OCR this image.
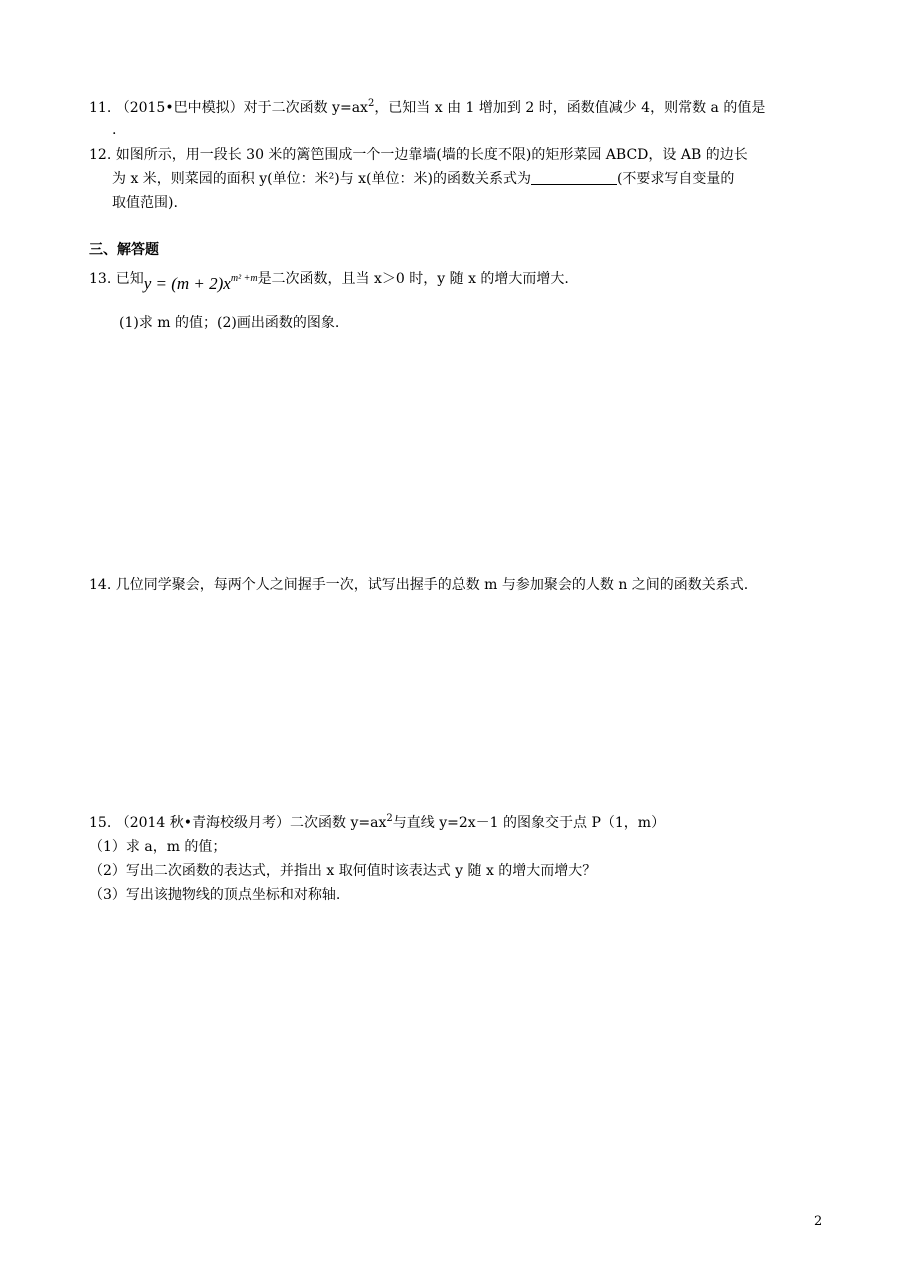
11. （2015•巴中模拟）对于二次函数 $y=ax^2$，已知当 x 由 1 增加到 2 时，函数值减少 4，则常数 a 的值是
.
12. 如图所示，用一段长 30 米的篱笆围成一个一边靠墙(墙的长度不限)的矩形菜园 ABCD，设 AB 的边长
为 x 米，则菜园的面积 y(单位：米²)与 x(单位：米)的函数关系式为	(不要求写自变量的
取值范围).
三、解答题
13. 已知$y = (m + 2)x^{m^2 +m}$是二次函数，且当 x＞0 时，y 随 x 的增大而增大.
(1)求 m 的值；(2)画出函数的图象.
14. 几位同学聚会，每两个人之间握手一次，试写出握手的总数 m 与参加聚会的人数 n 之间的函数关系式.
15. （2014 秋•青海校级月考）二次函数 $y=ax^2$与直线 y=2x－1 的图象交于点 P（1，m）
（1）求 a，m 的值；
（2）写出二次函数的表达式，并指出 x 取何值时该表达式 y 随 x 的增大而增大？
（3）写出该抛物线的顶点坐标和对称轴.
2
